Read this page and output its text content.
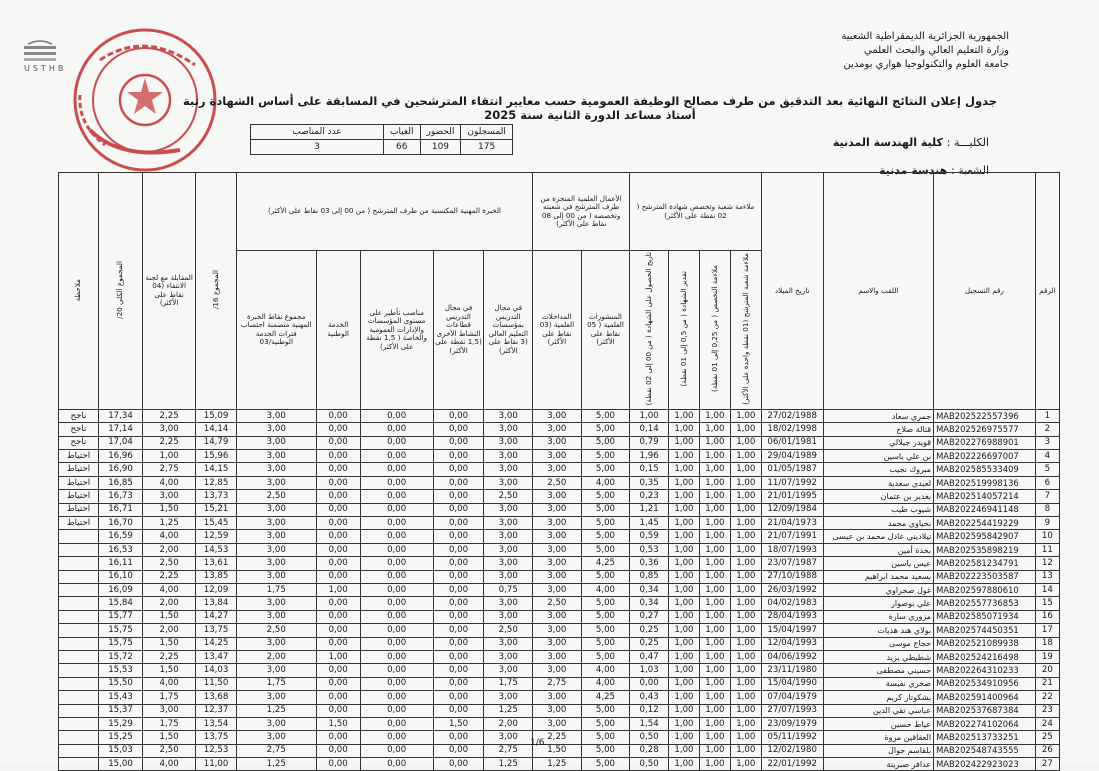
USTHB
الجمهورية الجزائرية الديمقراطية الشعبية
وزارة التعليم العالي والبحث العلمي
جامعة العلوم والتكنولوجيا هواري بومدين
جدول إعلان النتائج النهائية بعد التدقيق من طرف مصالح الوظيفة العمومية حسب معايير انتقاء المترشحين في المسابقة على أساس الشهادة رتبة أستاذ مساعد الدورة الثانية سنة 2025
المسجلون	الحضور	الغياب	عدد المناصب
175	109	66	3	الكليـــة : كلية الهندسة المدنية
الشعبة : هندسة مدنية
الرقم	رقم التسجيل	اللقب والاسم	تاريخ الميلاد	ملاءمة شعبة وتخصص شهادة المترشح ( 02 نقطة على الأكثر)				الأعمال العلمية المنجزة من طرف المترشح في شعبته وتخصصه ( من 00 إلى 08 نقاط على الأكثر)		الخبرة المهنية المكتسبة من طرف المترشح ( من 00 إلى 03 نقاط على الأكثر)					المجموع 16/	المقابلة مع لجنة الانتقاء (04 نقاط على الأكثر)	المجموع الكلي 20/	ملاحظة
				ملاءمة شعبة المترشح (01 نقطة واحدة على الأكثر)	ملاءمة التخصص ( من 0,25 إلى 01 نقطة)	تقدير الشهادة ( من 0,5 إلى 01 نقطة)	تاريخ الحصول على الشهادة ( من 00 إلى 02 نقطة)	المنشورات العلمية ( 05 نقاط على الأكثر)	المداخلات العلمية (03 نقاط على الأكثر)	في مجال التدريس بمؤسسات التعليم العالي (3 نقاط على الأكثر)	في مجال التدريس قطاعات النشاط الأخرى (1,5 نقطة على الأكثر)	مناصب تأطير على مستوى المؤسسات والإدارات العمومية والخاصة ( 1,5 نقطة على الأكثر)	الخدمة الوطنية	مجموع نقاط الخبرة المهنية متضمنة احتساب فترات الخدمة الوطنية/03				
1	MAB202522557396	جمري سعاد	27/02/1988	1,00	1,00	1,00	1,00	5,00	3,00	3,00	0,00	0,00	0,00	3,00	15,09	2,25	17,34	ناجح
2	MAB202526975577	قتالة صلاح	18/02/1998	1,00	1,00	1,00	0,14	5,00	3,00	3,00	0,00	0,00	0,00	3,00	14,14	3,00	17,14	ناجح
3	MAB202276988901	قويدر جيلالي	06/01/1981	1,00	1,00	1,00	0,79	5,00	3,00	3,00	0,00	0,00	0,00	3,00	14,79	2,25	17,04	ناجح
4	MAB202226697007	بن علي ياسين	29/04/1989	1,00	1,00	1,00	1,96	5,00	3,00	3,00	0,00	0,00	0,00	3,00	15,96	1,00	16,96	احتياط
5	MAB202585533409	مبروك نجيب	01/05/1987	1,00	1,00	1,00	0,15	5,00	3,00	3,00	0,00	0,00	0,00	3,00	14,15	2,75	16,90	احتياط
6	MAB202519998136	لعبدي سعدية	11/07/1992	1,00	1,00	1,00	0,35	4,00	2,50	3,00	0,00	0,00	0,00	3,00	12,85	4,00	16,85	احتياط
7	MAB202514057214	بغدير بن عثمان	21/01/1995	1,00	1,00	1,00	0,23	5,00	3,00	2,50	0,00	0,00	0,00	2,50	13,73	3,00	16,73	احتياط
8	MAB202246941148	شيوب طيب	12/09/1984	1,00	1,00	1,00	1,21	5,00	3,00	3,00	0,00	0,00	0,00	3,00	15,21	1,50	16,71	احتياط
9	MAB202254419229	بحياوي محمد	21/04/1973	1,00	1,00	1,00	1,45	5,00	3,00	3,00	0,00	0,00	0,00	3,00	15,45	1,25	16,70	احتياط
10	MAB202595842907	تيلاديني عادل محمد بن عيسى	21/07/1991	1,00	1,00	1,00	0,59	5,00	3,00	3,00	0,00	0,00	0,00	3,00	12,59	4,00	16,59	
11	MAB202535898219	بخدة أمين	18/07/1993	1,00	1,00	1,00	0,53	5,00	3,00	3,00	0,00	0,00	0,00	3,00	14,53	2,00	16,53	
12	MAB202581234791	عيس ياسين	23/07/1987	1,00	1,00	1,00	0,36	4,25	3,00	3,00	0,00	0,00	0,00	3,00	13,61	2,50	16,11	
13	MAB202223503587	بسعيد محمد ابراهيم	27/10/1988	1,00	1,00	1,00	0,85	5,00	3,00	3,00	0,00	0,00	0,00	3,00	13,85	2,25	16,10	
14	MAB202597880610	غول صحراوي	26/03/1992	1,00	1,00	1,00	0,34	4,00	3,00	0,75	0,00	0,00	1,00	1,75	12,09	4,00	16,09	
15	MAB202557736853	علي بوصوار	04/02/1983	1,00	1,00	1,00	0,34	5,00	2,50	3,00	0,00	0,00	0,00	3,00	13,84	2,00	15,84	
16	MAB202585071934	مزوري سارة	28/04/1993	1,00	1,00	1,00	0,27	5,00	3,00	3,00	0,00	0,00	0,00	3,00	14,27	1,50	15,77	
17	MAB202574450351	بولاي هند هديات	15/04/1997	1,00	1,00	1,00	0,25	5,00	3,00	2,50	0,00	0,00	0,00	2,50	13,75	2,00	15,75	
18	MAB202521089938	حجاج موسى	12/04/1993	1,00	1,00	1,00	0,25	5,00	3,00	3,00	0,00	0,00	0,00	3,00	14,25	1,50	15,75	
19	MAB202524216498	شطيطي يزيد	04/06/1992	1,00	1,00	1,00	0,47	5,00	3,00	3,00	0,00	0,00	1,00	2,00	13,47	2,25	15,72	
20	MAB202264310233	حسيني مصطفى	23/11/1980	1,00	1,00	1,00	1,03	4,00	3,00	3,00	0,00	0,00	0,00	3,00	14,03	1,50	15,53	
21	MAB202534910956	صخري نفيسة	15/04/1990	1,00	1,00	1,00	0,00	4,00	2,75	1,75	0,00	0,00	0,00	1,75	11,50	4,00	15,50	
22	MAB202591400964	بشكوتار كريم	07/04/1979	1,00	1,00	1,00	0,43	4,25	3,00	3,00	0,00	0,00	0,00	3,00	13,68	1,75	15,43	
23	MAB202537687384	عباسي تقي الدين	27/07/1993	1,00	1,00	1,00	0,12	5,00	3,00	1,25	0,00	0,00	0,00	1,25	12,37	3,00	15,37	
24	MAB202274102064	عياط حسين	23/09/1979	1,00	1,00	1,00	1,54	5,00	3,00	2,00	1,50	0,00	1,50	3,00	13,54	1,75	15,29	
25	MAB202513733251	العقاقين مروة	05/11/1992	1,00	1,00	1,00	0,50	5,00	2,25	3,00	0,00	0,00	0,00	3,00	13,75	1,50	15,25	
26	MAB202548743555	بلقاسم جوال	12/02/1980	1,00	1,00	1,00	0,28	5,00	1,50	2,75	0,00	0,00	0,00	2,75	12,53	2,50	15,03	
27	MAB202422923023	عدافر صبرينة	22/01/1992	1,00	1,00	1,00	0,50	5,00	1,25	1,25	0,00	0,00	0,00	1,25	11,00	4,00	15,00	
1/6
